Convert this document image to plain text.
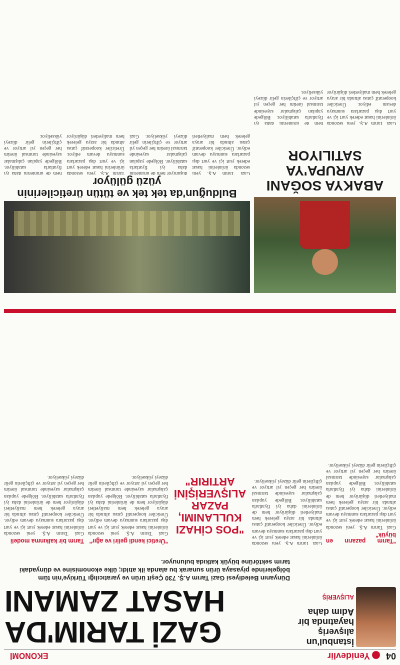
04
Yenidevlir
EKONOMİ
İstanbul'un alışveriş hayatında bir Adım daha
ALIŞVERİŞ
GAZİ TARIM'DA HASAT ZAMANI
Dünyanın Belediyesi Gazi Tarım A.Ş. 730 Çeşit ürün ve yaratıcılığı Türkiye'nin tüm bölgelerinde piyasaya ürün sunarak bu alanda ilk atıldı; ülke ekonomisine ve dünyadaki tarım sektörüne büyük katkıda bulunuyor.
"Tarım pazarın en büyük"
Gazi Tarım A.Ş. yeni sezonda ürünlerini hasat ederek yurt içi ve yurt dışı pazarlara sunmaya devam ediyor. Üreticiler kooperatif çatısı altında bir araya gelerek hem maliyetleri düşürüyor hem de ürünlerini daha iyi fiyatlarla satabiliyor. Bölgede yapılan çalışmalar sayesinde tarımsal üretim her geçen yıl artıyor ve çiftçilerin gelir düzeyi yükseliyor.
Gazi Tarım A.Ş. yeni sezonda ürünlerini hasat ederek yurt içi ve yurt dışı pazarlara sunmaya devam ediyor. Üreticiler kooperatif çatısı altında bir araya gelerek hem maliyetleri düşürüyor hem de ürünlerini daha iyi fiyatlarla satabiliyor. Bölgede yapılan çalışmalar sayesinde tarımsal üretim her geçen yıl artıyor ve çiftçilerin gelir düzeyi yükseliyor.
"Üretici kendi geliri ve ağır"
Gazi Tarım A.Ş. yeni sezonda ürünlerini hasat ederek yurt içi ve yurt dışı pazarlara sunmaya devam ediyor. Üreticiler kooperatif çatısı altında bir araya gelerek hem maliyetleri düşürüyor hem de ürünlerini daha iyi fiyatlarla satabiliyor. Bölgede yapılan çalışmalar sayesinde tarımsal üretim her geçen yıl artıyor ve çiftçilerin gelir düzeyi yükseliyor.
Tarım bir kalkınma modeli
Gazi Tarım A.Ş. yeni sezonda ürünlerini hasat ederek yurt içi ve yurt dışı pazarlara sunmaya devam ediyor. Üreticiler kooperatif çatısı altında bir araya gelerek hem maliyetleri düşürüyor hem de ürünlerini daha iyi fiyatlarla satabiliyor. Bölgede yapılan çalışmalar sayesinde tarımsal üretim her geçen yıl artıyor ve çiftçilerin gelir düzeyi yükseliyor.
"POS CİHAZI KULLANIMI, PAZAR ALIŞVERİŞİNİ ARTIRIR"
Bulduğun'da tek tek ve tütün üreticilerinin yüzü gülüyor
Gazi Tarım A.Ş. yeni sezonda ürünlerini hasat ederek yurt içi ve yurt dışı pazarlara sunmaya devam ediyor. Üreticiler kooperatif çatısı altında bir araya gelerek hem maliyetleri düşürüyor hem de ürünlerini daha iyi fiyatlarla satabiliyor. Bölgede yapılan çalışmalar sayesinde tarımsal üretim her geçen yıl artıyor ve çiftçilerin gelir düzeyi yükseliyor. Gazi Tarım A.Ş. yeni sezonda ürünlerini hasat ederek yurt içi ve yurt dışı pazarlara sunmaya devam ediyor. Üreticiler kooperatif çatısı altında bir araya gelerek hem maliyetleri düşürüyor hem de ürünlerini daha iyi fiyatlarla satabiliyor. Bölgede yapılan çalışmalar sayesinde tarımsal üretim her geçen yıl artıyor ve çiftçilerin gelir düzeyi yükseliyor.
ABAKYA SOĞANI AVRUPA'YA SATILIYOR
Gazi Tarım A.Ş. yeni sezonda ürünlerini hasat ederek yurt içi ve yurt dışı pazarlara sunmaya devam ediyor. Üreticiler kooperatif çatısı altında bir araya gelerek hem maliyetleri düşürüyor hem de ürünlerini daha iyi fiyatlarla satabiliyor. Bölgede yapılan çalışmalar sayesinde tarımsal üretim her geçen yıl artıyor ve çiftçilerin gelir düzeyi yükseliyor.
